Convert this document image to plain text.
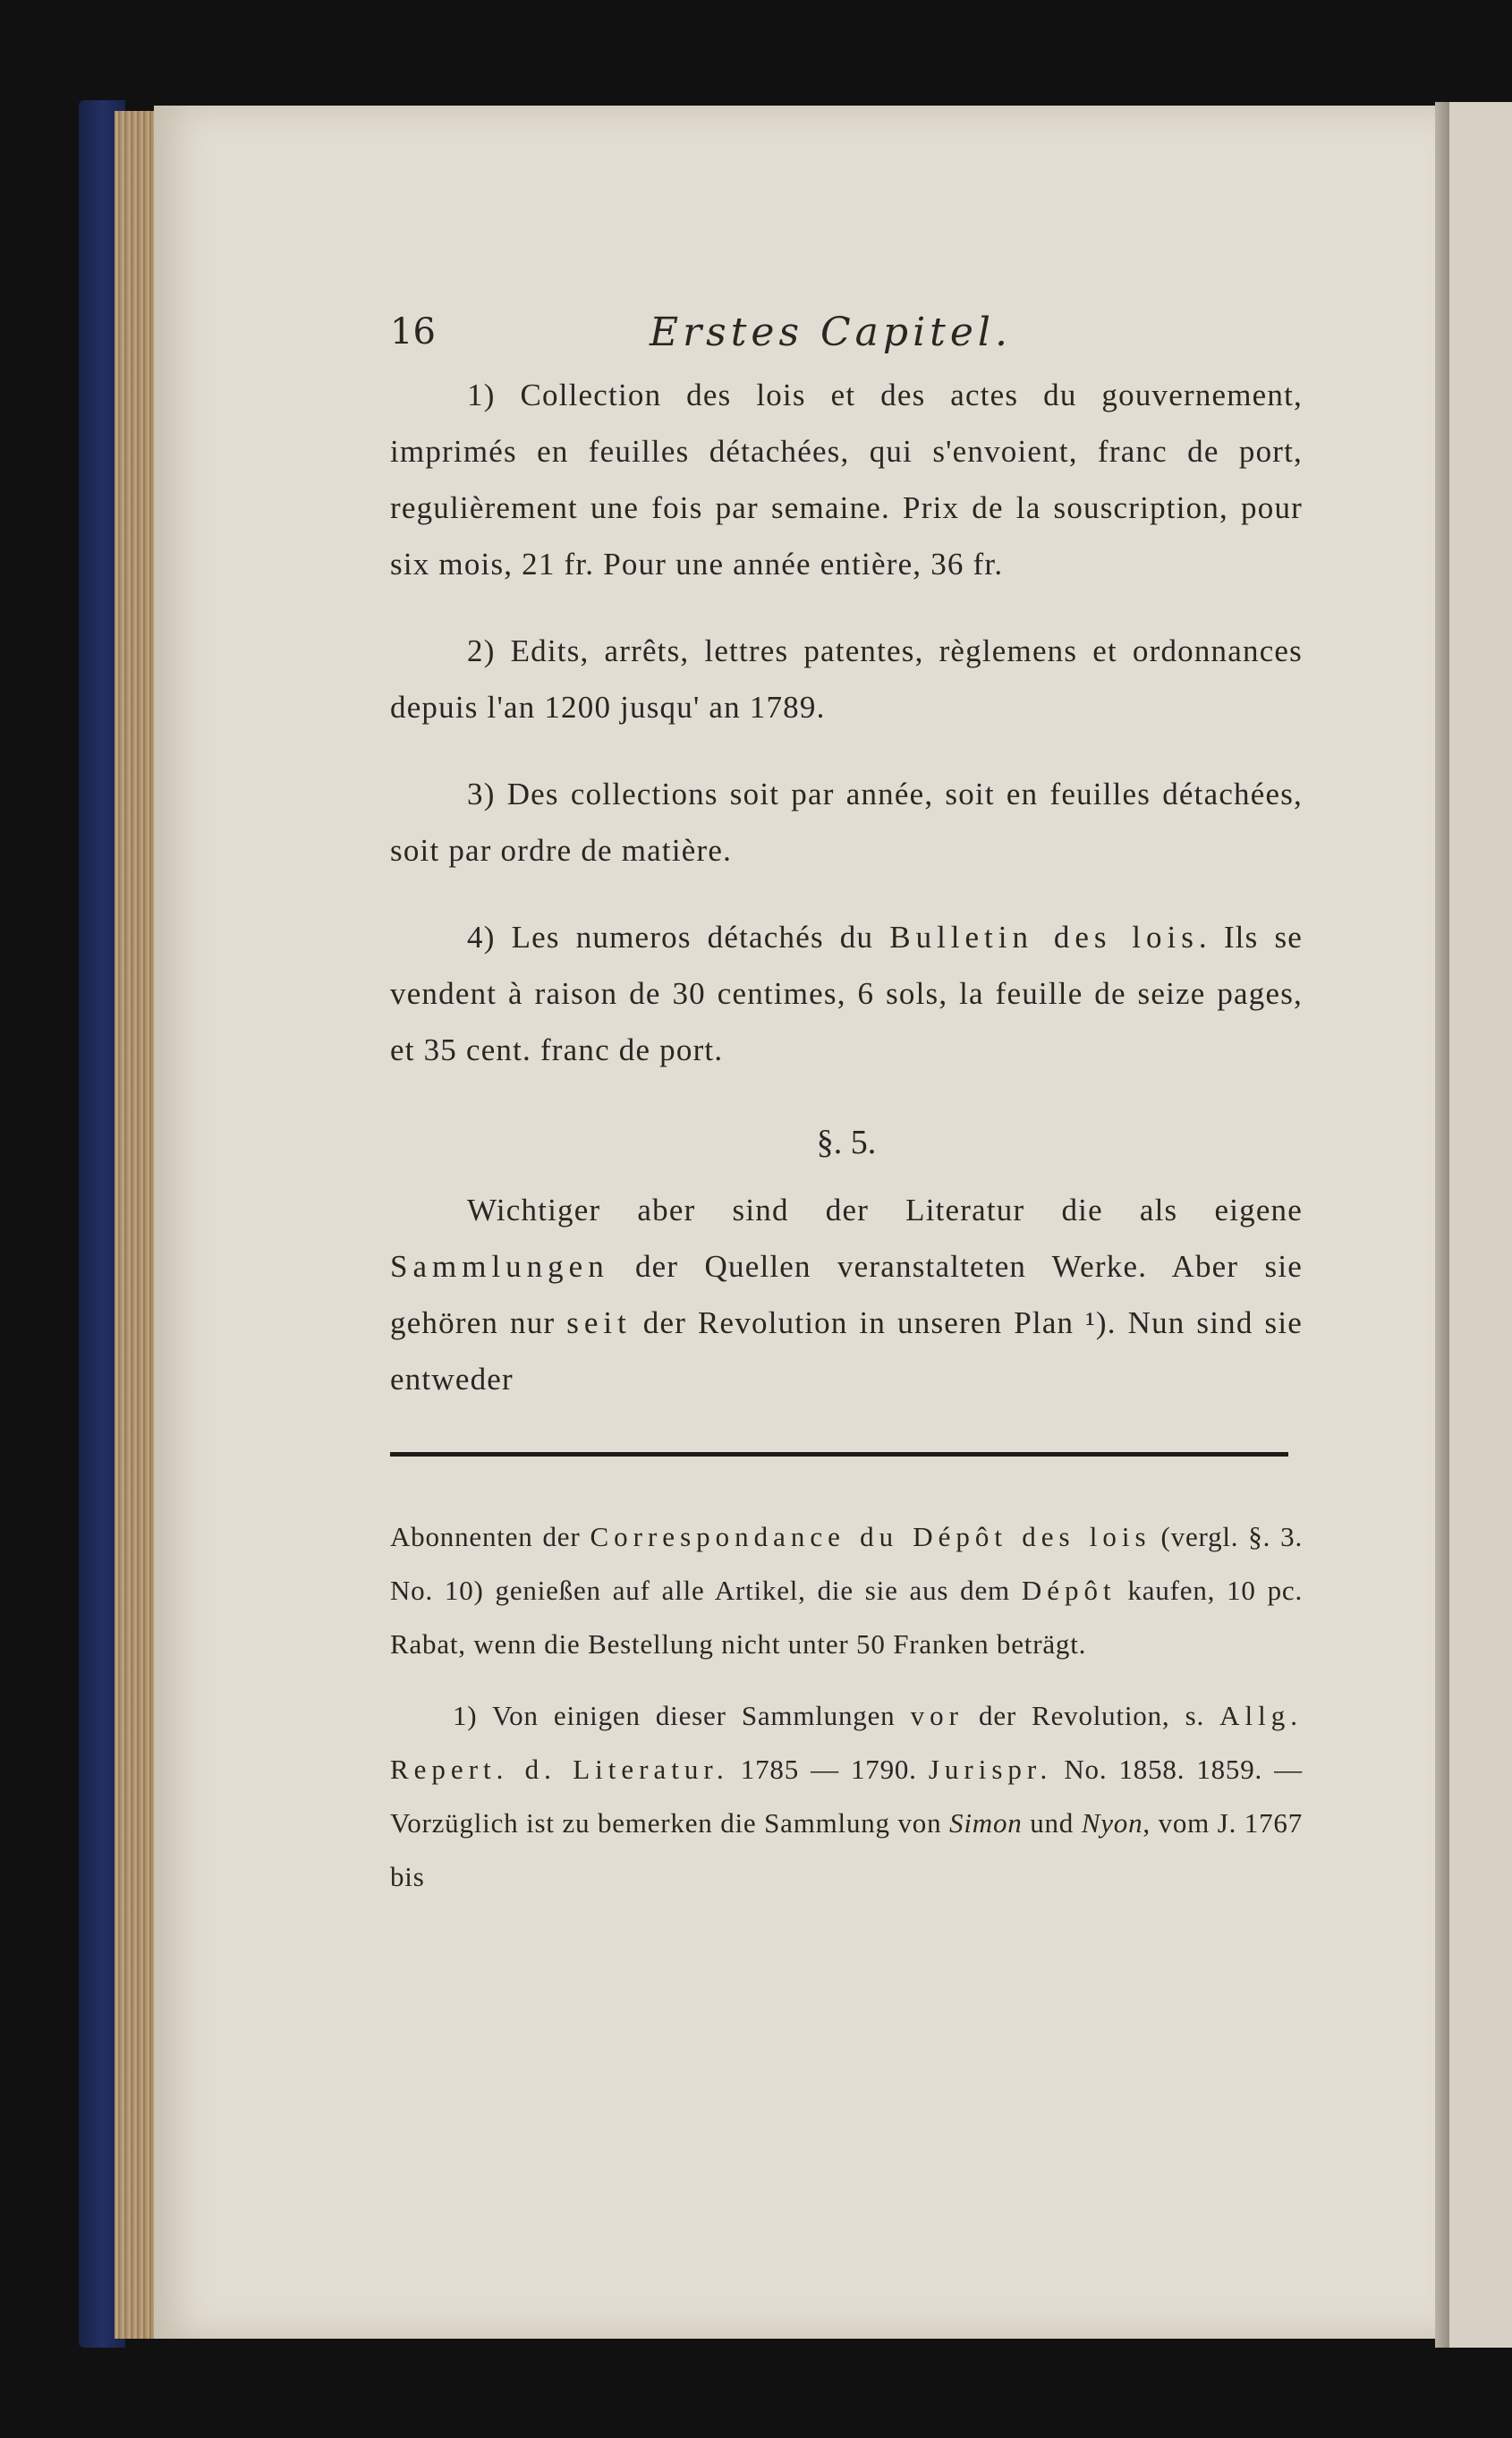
16	Erstes Capitel.

1) Collection des lois et des actes du gouvernement, imprimés en feuilles détachées, qui s'envoient, franc de port, regulièrement une fois par semaine. Prix de la souscription, pour six mois, 21 fr. Pour une année entière, 36 fr.

2) Edits, arrêts, lettres patentes, règlemens et ordonnances depuis l'an 1200 jusqu' an 1789.

3) Des collections soit par année, soit en feuilles détachées, soit par ordre de matière.

4) Les numeros détachés du Bulletin des lois. Ils se vendent à raison de 30 centimes, 6 sols, la feuille de seize pages, et 35 cent. franc de port.

§. 5.

Wichtiger aber sind der Literatur die als eigene Sammlungen der Quellen veranstalteten Werke. Aber sie gehören nur seit der Revolution in unseren Plan ¹). Nun sind sie entweder

Abonnenten der Correspondance du Dépôt des lois (vergl. §. 3. No. 10) genießen auf alle Artikel, die sie aus dem Dépôt kaufen, 10 pc. Rabat, wenn die Bestellung nicht unter 50 Franken beträgt.

1) Von einigen dieser Sammlungen vor der Revolution, s. Allg. Repert. d. Literatur. 1785 — 1790. Jurispr. No. 1858. 1859. — Vorzüglich ist zu bemerken die Sammlung von Simon und Nyon, vom J. 1767 bis
